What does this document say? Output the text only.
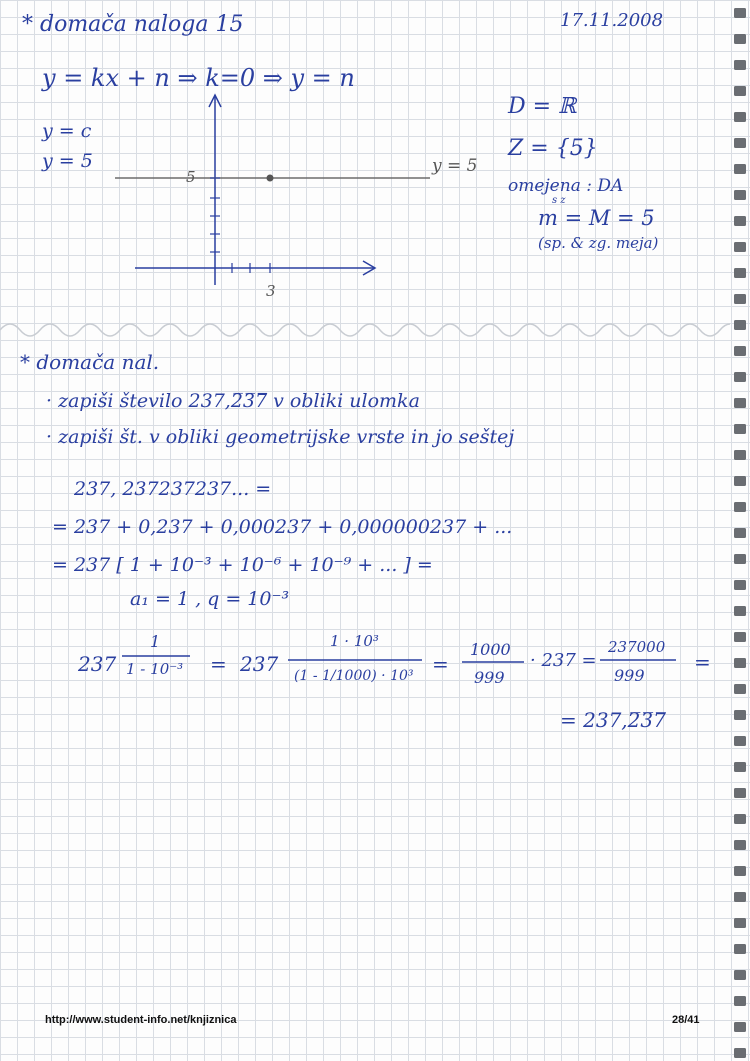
* domača naloga 15	17.11.2008
y = kx + n ⇒ k=0 ⇒ y = n
y = c
y = 5
5
3
y = 5
D = ℝ
Z = {5}
omejena : DA
s z
m = M = 5
(sp. & zg. meja)
* domača nal.
· zapiši število 237,2̅3̅7̅ v obliki ulomka
· zapiši št. v obliki geometrijske vrste in jo seštej
237, 237237237... =
= 237 + 0,237 + 0,000237 + 0,000000237 + ...
= 237 [ 1 + 10⁻³ + 10⁻⁶ + 10⁻⁹ + ... ] =
a₁ = 1 , q = 10⁻³
237
1
1 - 10⁻³ = 237
1 · 10³
(1 - 1/1000) · 10³ =
1000
999
· 237 =
237000
999
=
= 237,2̅3̅7̅
http://www.student-info.net/knjiznica	28/41
